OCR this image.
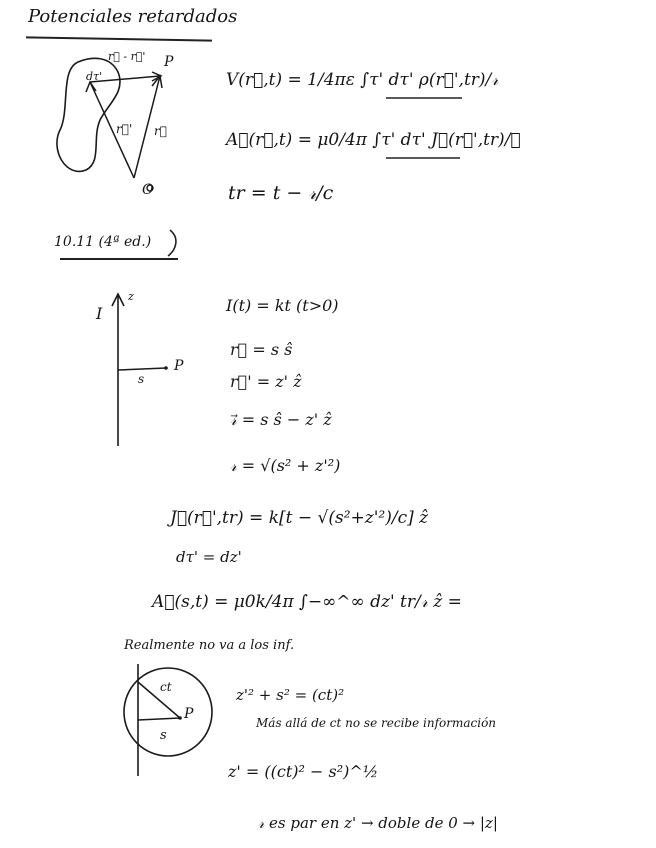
Potenciales retardados
P
O
dτ'
r⃗' r⃗
r⃗ - r⃗'
V(r⃗,t) = 1/4πε ∫τ' dτ' ρ(r⃗',tr)/𝓇
A⃗(r⃗,t) = μ0/4π ∫τ' dτ' J⃗(r⃗',tr)/𝓇
tr = t − 𝓇/c
10.11 (4ª ed.)
I
z
s
P
I(t) = kt (t>0)
r⃗ = s ŝ
r⃗' = z' ẑ
𝓇⃗ = s ŝ − z' ẑ
𝓇 = √(s² + z'²)
J⃗(r⃗',tr) = k[t − √(s²+z'²)/c] ẑ
dτ' = dz'
A⃗(s,t) = μ0k/4π ∫−∞^∞ dz' tr/𝓇 ẑ =
Realmente no va a los inf.
ct
s
P
z'² + s² = (ct)²
Más allá de ct no se recibe información
z' = ((ct)² − s²)^½
𝓇 es par en z' → doble de 0 → |z|
